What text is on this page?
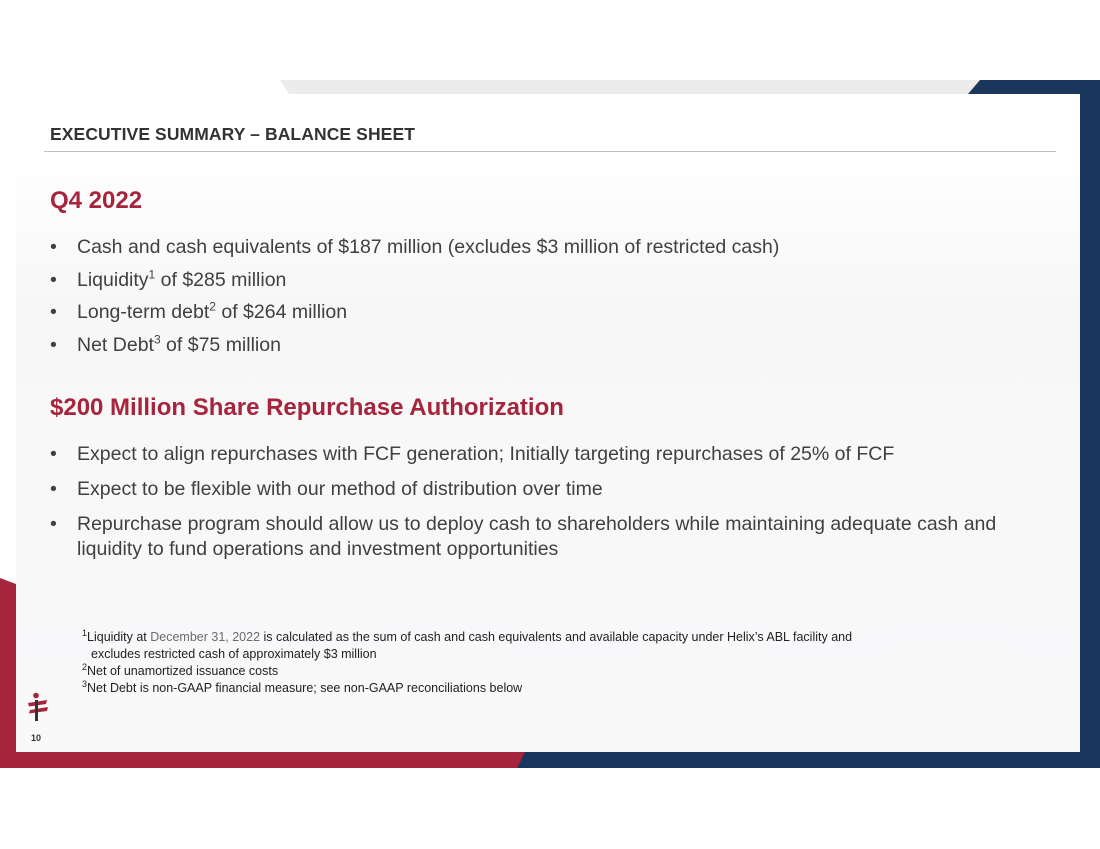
EXECUTIVE SUMMARY – BALANCE SHEET
Q4 2022
• Cash and cash equivalents of $187 million (excludes $3 million of restricted cash)
• Liquidity$^1$ of $285 million
• Long-term debt$^2$ of $264 million
• Net Debt$^3$ of $75 million
$200 Million Share Repurchase Authorization
• Expect to align repurchases with FCF generation; Initially targeting repurchases of 25% of FCF
• Expect to be flexible with our method of distribution over time
• Repurchase program should allow us to deploy cash to shareholders while maintaining adequate cash and liquidity to fund operations and investment opportunities
$^1$Liquidity at December 31, 2022 is calculated as the sum of cash and cash equivalents and available capacity under Helix’s ABL facility and
excludes restricted cash of approximately $3 million
$^2$Net of unamortized issuance costs
$^3$Net Debt is non-GAAP financial measure; see non-GAAP reconciliations below
10
